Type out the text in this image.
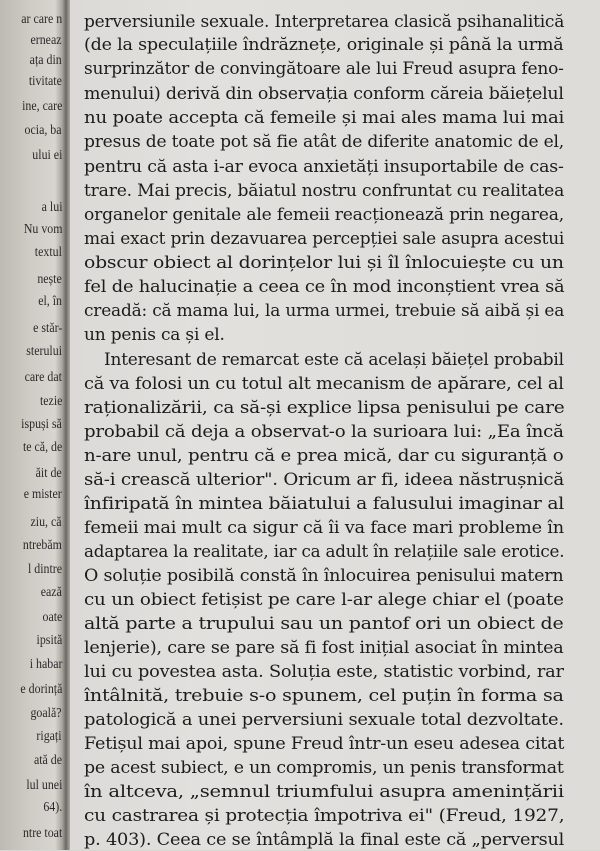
ar care n
erneaz
ața din
tivitate
ine, care
ocia, ba
ului ei
a lui
Nu vom
textul
nește
el, în
e stăr-
sterului
care dat
tezie
ispuși să
te că, de
ăit de
e mister
ziu, că
ntrebăm
l dintre
ează
oate
ipsită
i habar
e dorință
goală?
rigați
ată de
lul unei
64).
ntre toat
perversiunile sexuale. Interpretarea clasică psihanalitică
(de la speculațiile îndrăznețe, originale și până la urmă
surprinzător de convingătoare ale lui Freud asupra feno-
menului) derivă din observația conform căreia băiețelul
nu poate accepta că femeile și mai ales mama lui mai
presus de toate pot să fie atât de diferite anatomic de el,
pentru că asta i-ar evoca anxietăți insuportabile de cas-
trare. Mai precis, băiatul nostru confruntat cu realitatea
organelor genitale ale femeii reacționează prin negarea,
mai exact prin dezavuarea percepției sale asupra acestui
obscur obiect al dorințelor lui și îl înlocuiește cu un
fel de halucinație a ceea ce în mod inconștient vrea să
creadă: că mama lui, la urma urmei, trebuie să aibă și ea
un penis ca și el.
Interesant de remarcat este că același băiețel probabil
că va folosi un cu totul alt mecanism de apărare, cel al
raționalizării, ca să-și explice lipsa penisului pe care
probabil că deja a observat-o la surioara lui: „Ea încă
n-are unul, pentru că e prea mică, dar cu siguranță o
să-i crească ulterior". Oricum ar fi, ideea năstrușnică
înfiripată în mintea băiatului a falusului imaginar al
femeii mai mult ca sigur că îi va face mari probleme în
adaptarea la realitate, iar ca adult în relațiile sale erotice.
O soluție posibilă constă în înlocuirea penisului matern
cu un obiect fetișist pe care l-ar alege chiar el (poate
altă parte a trupului sau un pantof ori un obiect de
lenjerie), care se pare să fi fost inițial asociat în mintea
lui cu povestea asta. Soluția este, statistic vorbind, rar
întâlnită, trebuie s-o spunem, cel puțin în forma sa
patologică a unei perversiuni sexuale total dezvoltate.
Fetișul mai apoi, spune Freud într-un eseu adesea citat
pe acest subiect, e un compromis, un penis transformat
în altceva, „semnul triumfului asupra amenințării
cu castrarea și protecția împotriva ei" (Freud, 1927,
p. 403). Ceea ce se întâmplă la final este că „perversul
